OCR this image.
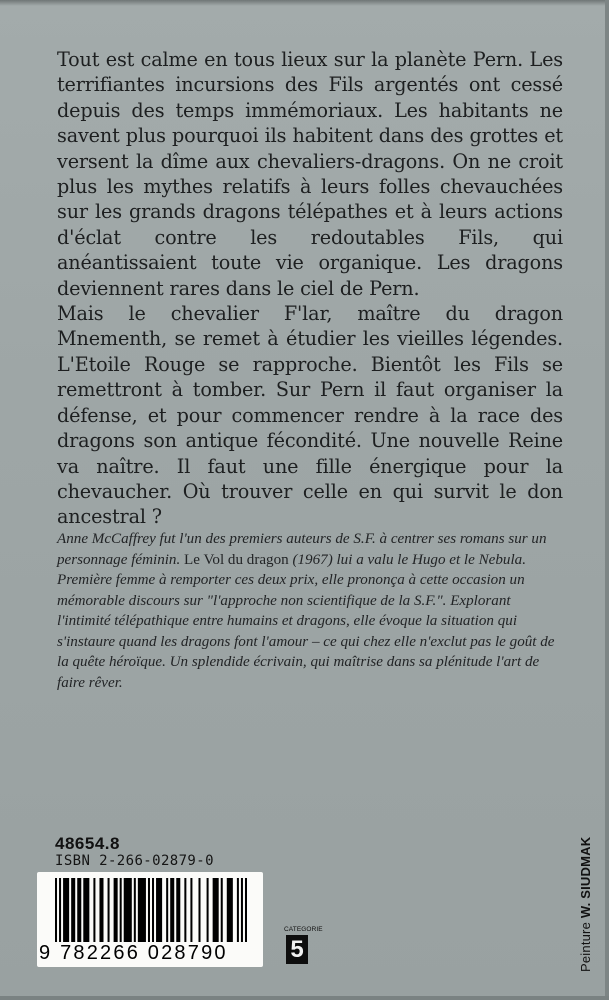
Tout est calme en tous lieux sur la planète Pern. Les terrifiantes incursions des Fils argentés ont cessé depuis des temps immémoriaux. Les habitants ne savent plus pourquoi ils habitent dans des grottes et versent la dîme aux chevaliers-dragons. On ne croit plus les mythes relatifs à leurs folles chevauchées sur les grands dragons télépathes et à leurs actions d'éclat contre les redoutables Fils, qui anéantissaient toute vie organique. Les dragons deviennent rares dans le ciel de Pern.

Mais le chevalier F'lar, maître du dragon Mnementh, se remet à étudier les vieilles légendes. L'Etoile Rouge se rapproche. Bientôt les Fils se remettront à tomber. Sur Pern il faut organiser la défense, et pour commencer rendre à la race des dragons son antique fécondité. Une nouvelle Reine va naître. Il faut une fille énergique pour la chevaucher. Où trouver celle en qui survit le don ancestral ?

Anne McCaffrey fut l'un des premiers auteurs de S.F. à centrer ses romans sur un personnage féminin. Le Vol du dragon (1967) lui a valu le Hugo et le Nebula. Première femme à remporter ces deux prix, elle prononça à cette occasion un mémorable discours sur "l'approche non scientifique de la S.F.". Explorant l'intimité télépathique entre humains et dragons, elle évoque la situation qui s'instaure quand les dragons font l'amour – ce qui chez elle n'exclut pas le goût de la quête héroïque. Un splendide écrivain, qui maîtrise dans sa plénitude l'art de faire rêver.
48654.8
ISBN 2-266-02879-0
9 782266 028790
CATEGORIE
5	Peinture W. SIUDMAK
